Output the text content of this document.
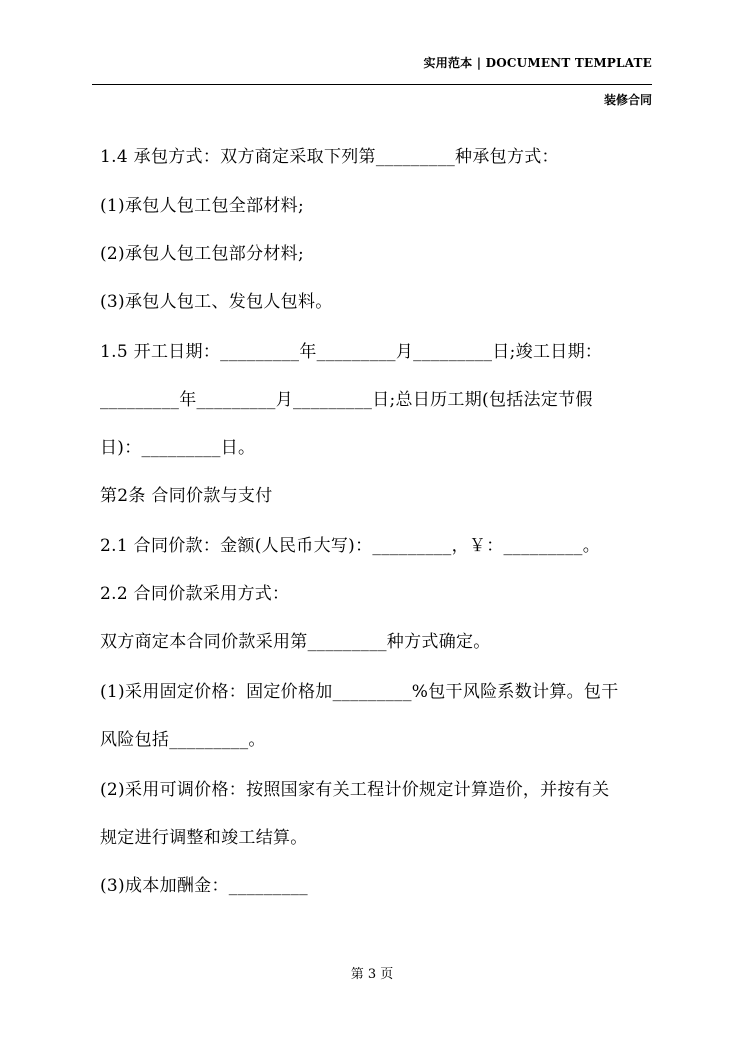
实用范本 | DOCUMENT TEMPLATE
装修合同
1.4 承包方式：双方商定采取下列第_________种承包方式：
(1)承包人包工包全部材料;
(2)承包人包工包部分材料;
(3)承包人包工、发包人包料。
1.5 开工日期：_________年_________月_________日;竣工日期：
_________年_________月_________日;总日历工期(包括法定节假
日)：_________日。
第2条 合同价款与支付
2.1 合同价款：金额(人民币大写)：_________，￥：_________。
2.2 合同价款采用方式：
双方商定本合同价款采用第_________种方式确定。
(1)采用固定价格：固定价格加_________%包干风险系数计算。包干
风险包括_________。
(2)采用可调价格：按照国家有关工程计价规定计算造价，并按有关
规定进行调整和竣工结算。
(3)成本加酬金：_________
第 3 页
